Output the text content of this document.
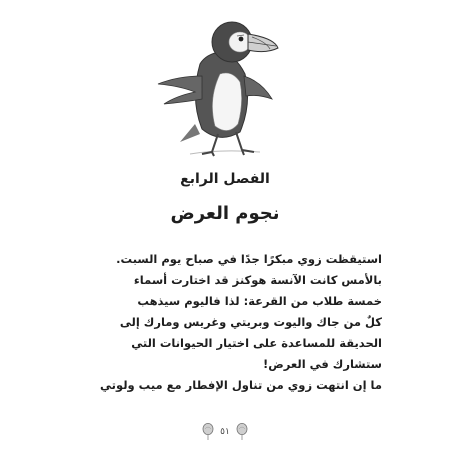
الفصل الرابع
نجوم العرض
استيقظت زوي مبكرًا جدًا في صباح يوم السبت.
بالأمس كانت الآنسة هوكنز قد اختارت أسماء
خمسة طلاب من القرعة: لذا فاليوم سيذهب
كلٌ من جاك واليوت وبريتي وغريس ومارك إلى
الحديقة للمساعدة على اختيار الحيوانات التي
ستشارك في العرض!
ما إن انتهت زوي من تناول الإفطار مع ميب ولوتي
٥١
